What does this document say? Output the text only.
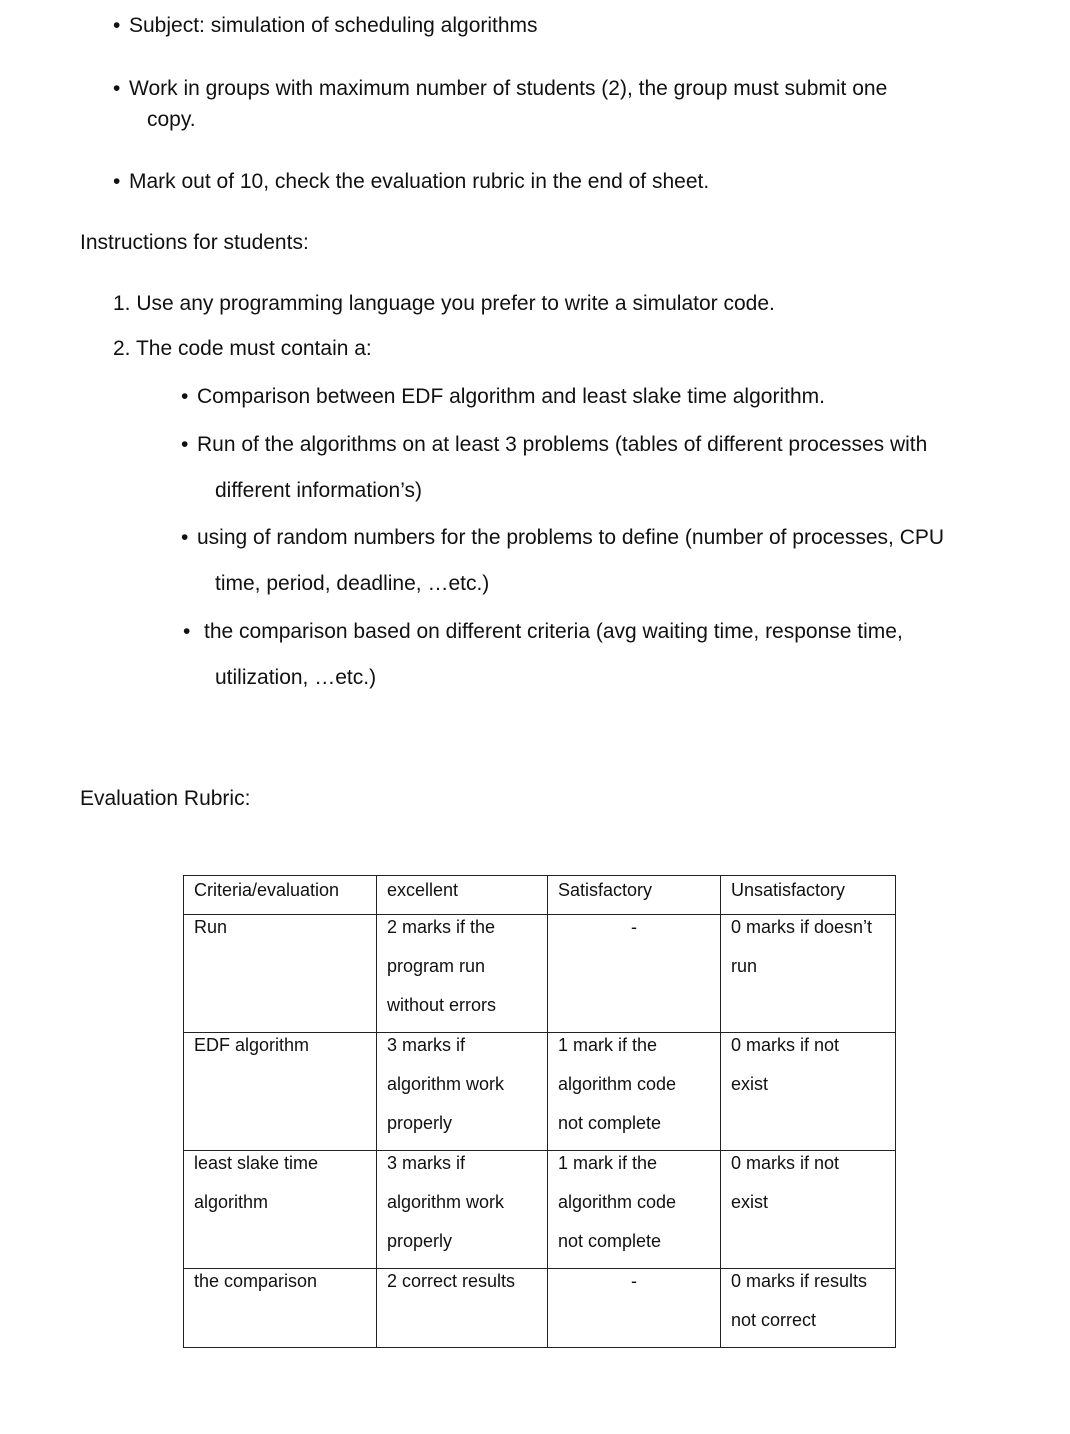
• Subject: simulation of scheduling algorithms
• Work in groups with maximum number of students (2), the group must submit one
copy.
• Mark out of 10, check the evaluation rubric in the end of sheet.
Instructions for students:
1. Use any programming language you prefer to write a simulator code.
2. The code must contain a:
• Comparison between EDF algorithm and least slake time algorithm.
• Run of the algorithms on at least 3 problems (tables of different processes with
different information’s)
• using of random numbers for the problems to define (number of processes, CPU
time, period, deadline, …etc.)
• the comparison based on different criteria (avg waiting time, response time,
utilization, …etc.)
Evaluation Rubric:
Criteria/evaluation	excellent	Satisfactory	Unsatisfactory

Run	2 marks if the
program run
without errors	-	0 marks if doesn’t
run

EDF algorithm	3 marks if
algorithm work
properly	1 mark if the
algorithm code
not complete	0 marks if not
exist

least slake time
algorithm	3 marks if
algorithm work
properly	1 mark if the
algorithm code
not complete	0 marks if not
exist

the comparison	2 correct results	-	0 marks if results
not correct
